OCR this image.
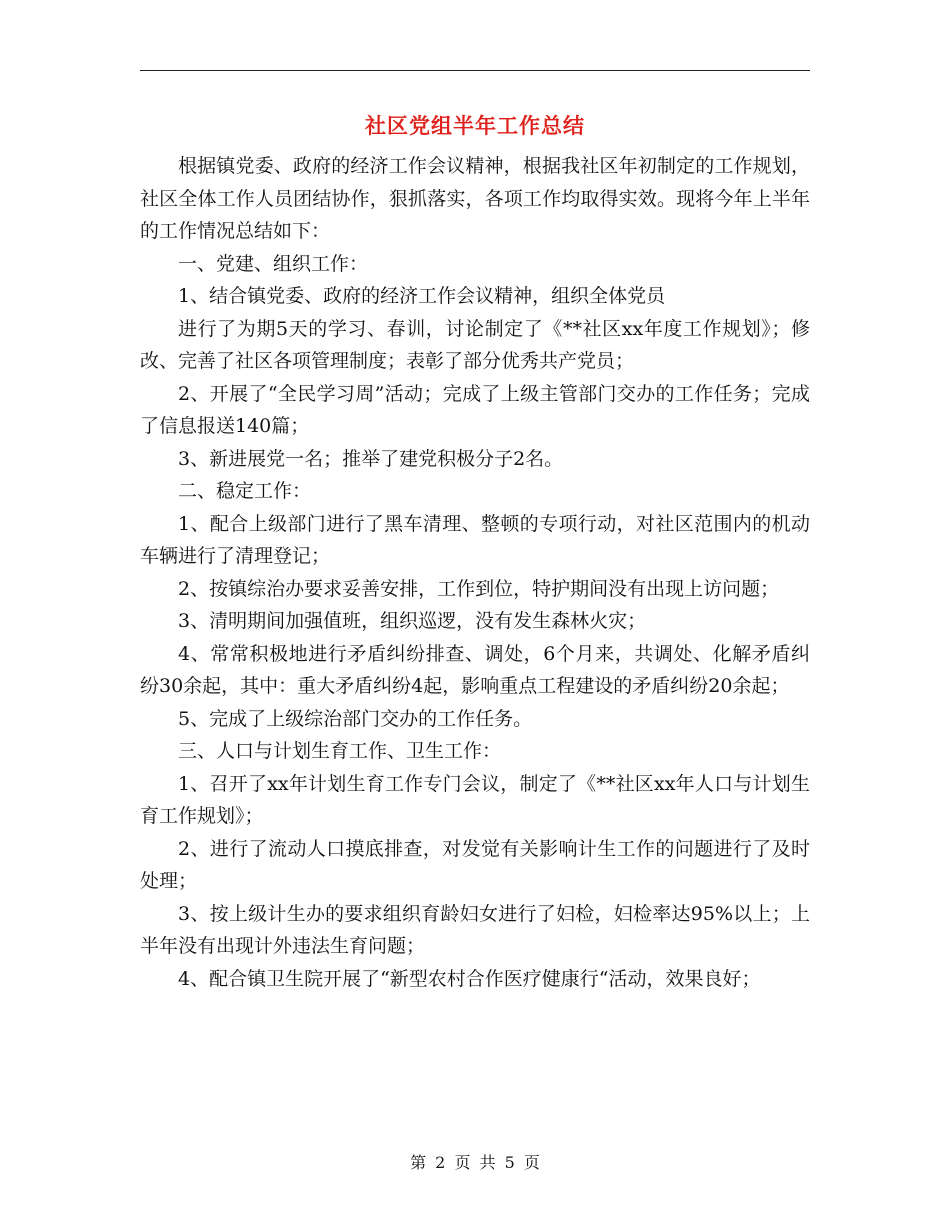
社区党组半年工作总结

根据镇党委、政府的经济工作会议精神，根据我社区年初制定的工作规划，社区全体工作人员团结协作，狠抓落实，各项工作均取得实效。现将今年上半年的工作情况总结如下：

一、党建、组织工作：

1、结合镇党委、政府的经济工作会议精神，组织全体党员

进行了为期5天的学习、春训，讨论制定了《**社区xx年度工作规划》；修改、完善了社区各项管理制度；表彰了部分优秀共产党员；

2、开展了“全民学习周”活动；完成了上级主管部门交办的工作任务；完成了信息报送140篇；

3、新进展党一名；推举了建党积极分子2名。

二、稳定工作：

1、配合上级部门进行了黑车清理、整顿的专项行动，对社区范围内的机动车辆进行了清理登记；

2、按镇综治办要求妥善安排，工作到位，特护期间没有出现上访问题；

3、清明期间加强值班，组织巡逻，没有发生森林火灾；

4、常常积极地进行矛盾纠纷排查、调处，6个月来，共调处、化解矛盾纠纷30余起，其中：重大矛盾纠纷4起，影响重点工程建设的矛盾纠纷20余起；

5、完成了上级综治部门交办的工作任务。

三、人口与计划生育工作、卫生工作：

1、召开了xx年计划生育工作专门会议，制定了《**社区xx年人口与计划生育工作规划》；

2、进行了流动人口摸底排查，对发觉有关影响计生工作的问题进行了及时处理；

3、按上级计生办的要求组织育龄妇女进行了妇检，妇检率达95%以上；上半年没有出现计外违法生育问题；

4、配合镇卫生院开展了“新型农村合作医疗健康行“活动，效果良好；

第 2 页 共 5 页
